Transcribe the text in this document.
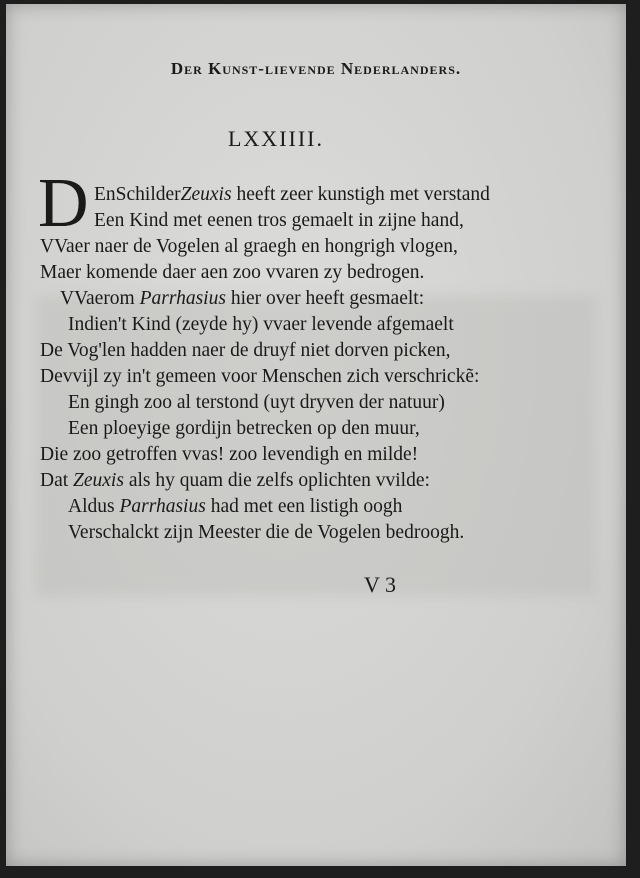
Der Kunst-lievende Nederlanders.
LXXIIII.
D EnSchilderZeuxis heeft zeer kunstigh met verstand
Een Kind met eenen tros gemaelt in zijne hand,
VVaer naer de Vogelen al graegh en hongrigh vlogen,
Maer komende daer aen zoo vvaren zy bedrogen.
VVaerom Parrhasius hier over heeft gesmaelt:
Indien't Kind (zeyde hy) vvaer levende afgemaelt
De Vog'len hadden naer de druyf niet dorven picken,
Devvijl zy in't gemeen voor Menschen zich verschrickẽ:
En gingh zoo al terstond (uyt dryven der natuur)
Een ploeyige gordijn betrecken op den muur,
Die zoo getroffen vvas! zoo levendigh en milde!
Dat Zeuxis als hy quam die zelfs oplichten vvilde:
Aldus Parrhasius had met een listigh oogh
Verschalckt zijn Meester die de Vogelen bedroogh.
V 3
